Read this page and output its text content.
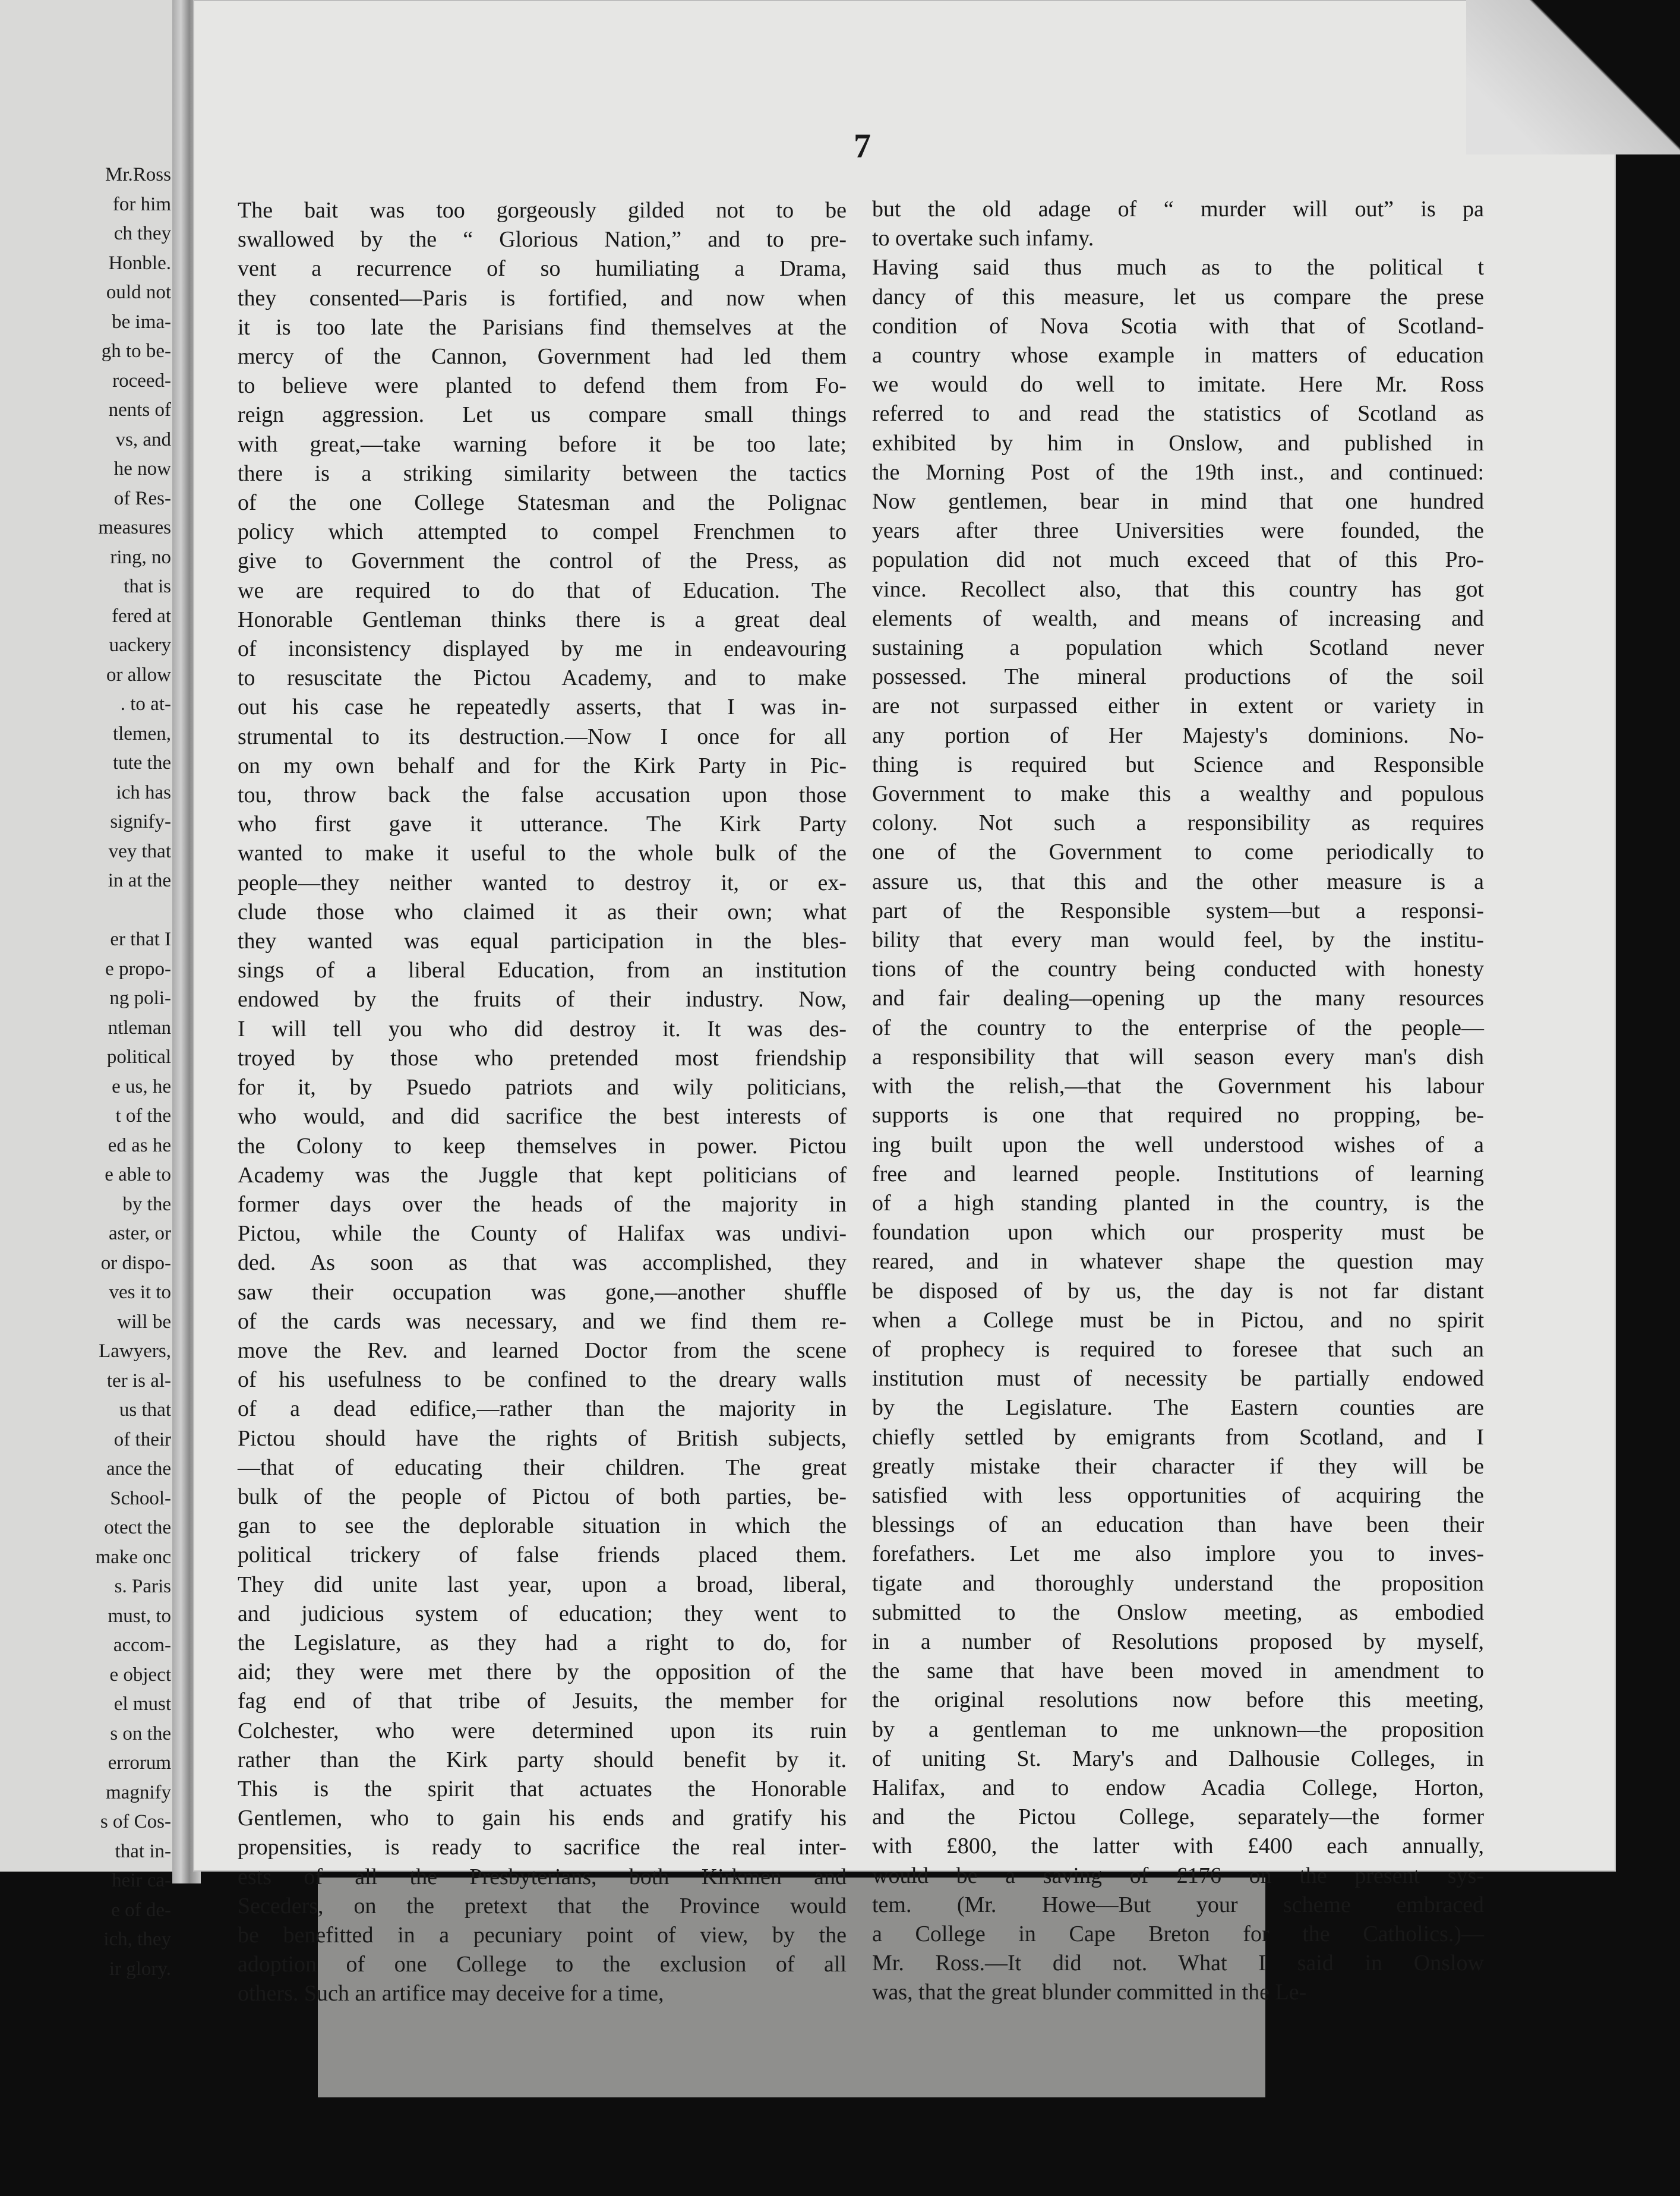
Mr.Ross
for him
ch they
Honble.
ould not
be ima-
gh to be-
roceed-
nents of
vs, and
he now
of Res-
measures
ring, no
that is
fered at
uackery
or allow
. to at-
tlemen,
tute the
ich has
signify-
vey that
in at the

er that I
e propo-
ng poli-
ntleman
political
e us, he
t of the
ed as he
e able to
by the
aster, or
or dispo-
ves it to
will be
Lawyers,
ter is al-
us that
of their
ance the
School-
otect the
make onc
s. Paris
must, to
accom-
e object
el must
s on the
errorum
magnify
s of Cos-
that in-
heir ca-
e of de-
ich, they
ir glory.
7
The bait was too gorgeously gilded not to be
swallowed by the “ Glorious Nation,” and to pre-
vent a recurrence of so humiliating a Drama,
they consented—Paris is fortified, and now when
it is too late the Parisians find themselves at the
mercy of the Cannon, Government had led them
to believe were planted to defend them from Fo-
reign aggression. Let us compare small things
with great,—take warning before it be too late;
there is a striking similarity between the tactics
of the one College Statesman and the Polignac
policy which attempted to compel Frenchmen to
give to Government the control of the Press, as
we are required to do that of Education. The
Honorable Gentleman thinks there is a great deal
of inconsistency displayed by me in endeavouring
to resuscitate the Pictou Academy, and to make
out his case he repeatedly asserts, that I was in-
strumental to its destruction.—Now I once for all
on my own behalf and for the Kirk Party in Pic-
tou, throw back the false accusation upon those
who first gave it utterance. The Kirk Party
wanted to make it useful to the whole bulk of the
people—they neither wanted to destroy it, or ex-
clude those who claimed it as their own; what
they wanted was equal participation in the bles-
sings of a liberal Education, from an institution
endowed by the fruits of their industry. Now,
I will tell you who did destroy it. It was des-
troyed by those who pretended most friendship
for it, by Psuedo patriots and wily politicians,
who would, and did sacrifice the best interests of
the Colony to keep themselves in power. Pictou
Academy was the Juggle that kept politicians of
former days over the heads of the majority in
Pictou, while the County of Halifax was undivi-
ded. As soon as that was accomplished, they
saw their occupation was gone,—another shuffle
of the cards was necessary, and we find them re-
move the Rev. and learned Doctor from the scene
of his usefulness to be confined to the dreary walls
of a dead edifice,—rather than the majority in
Pictou should have the rights of British subjects,
—that of educating their children. The great
bulk of the people of Pictou of both parties, be-
gan to see the deplorable situation in which the
political trickery of false friends placed them.
They did unite last year, upon a broad, liberal,
and judicious system of education; they went to
the Legislature, as they had a right to do, for
aid; they were met there by the opposition of the
fag end of that tribe of Jesuits, the member for
Colchester, who were determined upon its ruin
rather than the Kirk party should benefit by it.
This is the spirit that actuates the Honorable
Gentlemen, who to gain his ends and gratify his
propensities, is ready to sacrifice the real inter-
ests of all the Presbyterians, both Kirkmen and
Seceders, on the pretext that the Province would
be benefitted in a pecuniary point of view, by the
adoption of one College to the exclusion of all
others. Such an artifice may deceive for a time,
but the old adage of “ murder will out” is pa
to overtake such infamy.
Having said thus much as to the political t
dancy of this measure, let us compare the prese
condition of Nova Scotia with that of Scotland-
a country whose example in matters of education
we would do well to imitate. Here Mr. Ross
referred to and read the statistics of Scotland as
exhibited by him in Onslow, and published in
the Morning Post of the 19th inst., and continued:
Now gentlemen, bear in mind that one hundred
years after three Universities were founded, the
population did not much exceed that of this Pro-
vince. Recollect also, that this country has got
elements of wealth, and means of increasing and
sustaining a population which Scotland never
possessed. The mineral productions of the soil
are not surpassed either in extent or variety in
any portion of Her Majesty's dominions. No-
thing is required but Science and Responsible
Government to make this a wealthy and populous
colony. Not such a responsibility as requires
one of the Government to come periodically to
assure us, that this and the other measure is a
part of the Responsible system—but a responsi-
bility that every man would feel, by the institu-
tions of the country being conducted with honesty
and fair dealing—opening up the many resources
of the country to the enterprise of the people—
a responsibility that will season every man's dish
with the relish,—that the Government his labour
supports is one that required no propping, be-
ing built upon the well understood wishes of a
free and learned people. Institutions of learning
of a high standing planted in the country, is the
foundation upon which our prosperity must be
reared, and in whatever shape the question may
be disposed of by us, the day is not far distant
when a College must be in Pictou, and no spirit
of prophecy is required to foresee that such an
institution must of necessity be partially endowed
by the Legislature. The Eastern counties are
chiefly settled by emigrants from Scotland, and I
greatly mistake their character if they will be
satisfied with less opportunities of acquiring the
blessings of an education than have been their
forefathers. Let me also implore you to inves-
tigate and thoroughly understand the proposition
submitted to the Onslow meeting, as embodied
in a number of Resolutions proposed by myself,
the same that have been moved in amendment to
the original resolutions now before this meeting,
by a gentleman to me unknown—the proposition
of uniting St. Mary's and Dalhousie Colleges, in
Halifax, and to endow Acadia College, Horton,
and the Pictou College, separately—the former
with £800, the latter with £400 each annually,
would be a saving of £176 on the present sys-
tem. (Mr. Howe—But your scheme embraced
a College in Cape Breton for the Catholics.)—
Mr. Ross.—It did not. What I said in Onslow
was, that the great blunder committed in the Le-
